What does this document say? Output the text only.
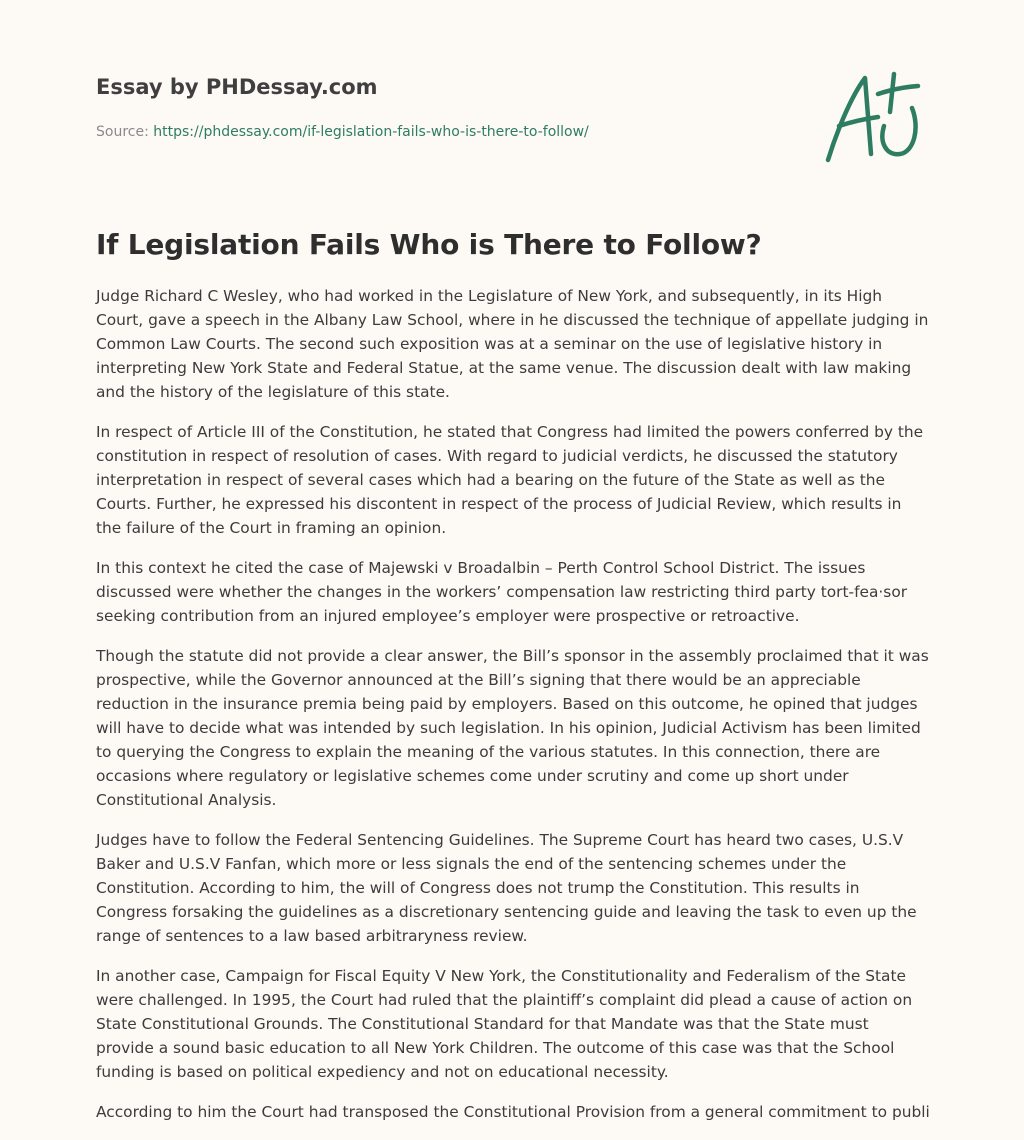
Essay by PHDessay.com
Source: https://phdessay.com/if-legislation-fails-who-is-there-to-follow/
If Legislation Fails Who is There to Follow?

Judge Richard C Wesley, who had worked in the Legislature of New York, and subsequently, in its High Court, gave a speech in the Albany Law School, where in he discussed the technique of appellate judging in Common Law Courts. The second such exposition was at a seminar on the use of legislative history in interpreting New York State and Federal Statue, at the same venue. The discussion dealt with law making and the history of the legislature of this state.

In respect of Article III of the Constitution, he stated that Congress had limited the powers conferred by the constitution in respect of resolution of cases. With regard to judicial verdicts, he discussed the statutory interpretation in respect of several cases which had a bearing on the future of the State as well as the Courts. Further, he expressed his discontent in respect of the process of Judicial Review, which results in the failure of the Court in framing an opinion.

In this context he cited the case of Majewski v Broadalbin – Perth Control School District. The issues discussed were whether the changes in the workers’ compensation law restricting third party tort-fea·sor seeking contribution from an injured employee’s employer were prospective or retroactive.

Though the statute did not provide a clear answer, the Bill’s sponsor in the assembly proclaimed that it was prospective, while the Governor announced at the Bill’s signing that there would be an appreciable reduction in the insurance premia being paid by employers. Based on this outcome, he opined that judges will have to decide what was intended by such legislation. In his opinion, Judicial Activism has been limited to querying the Congress to explain the meaning of the various statutes. In this connection, there are occasions where regulatory or legislative schemes come under scrutiny and come up short under Constitutional Analysis.

Judges have to follow the Federal Sentencing Guidelines. The Supreme Court has heard two cases, U.S.V Baker and U.S.V Fanfan, which more or less signals the end of the sentencing schemes under the Constitution. According to him, the will of Congress does not trump the Constitution. This results in Congress forsaking the guidelines as a discretionary sentencing guide and leaving the task to even up the range of sentences to a law based arbitraryness review.

In another case, Campaign for Fiscal Equity V New York, the Constitutionality and Federalism of the State were challenged. In 1995, the Court had ruled that the plaintiff’s complaint did plead a cause of action on State Constitutional Grounds. The Constitutional Standard for that Mandate was that the State must provide a sound basic education to all New York Children. The outcome of this case was that the School funding is based on political expediency and not on educational necessity.

According to him the Court had transposed the Constitutional Provision from a general commitment to publi
